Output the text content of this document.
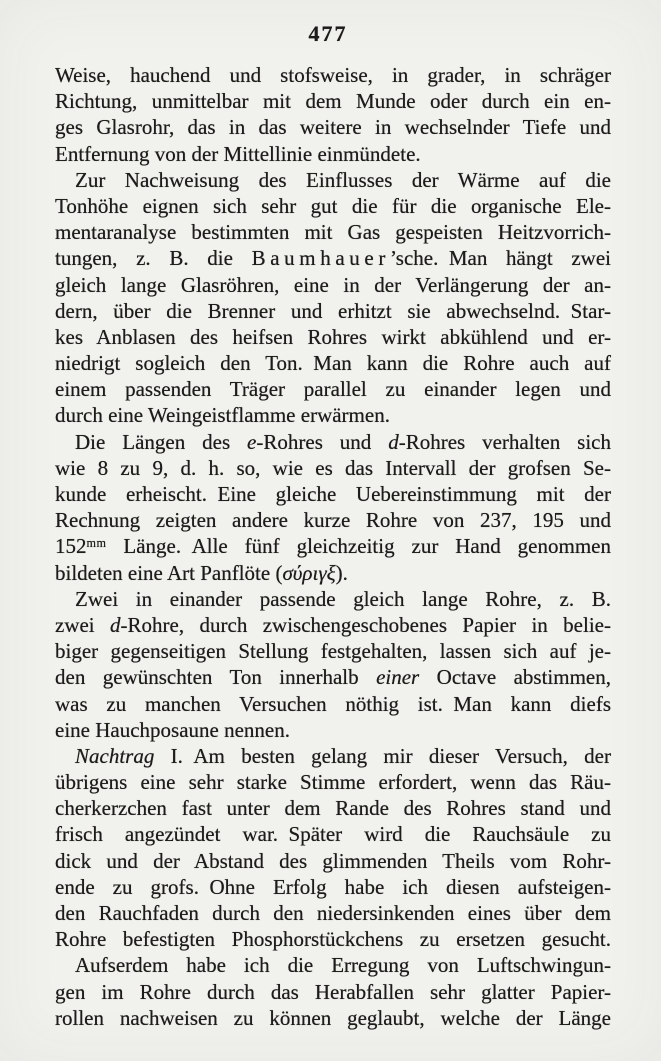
477
Weise, hauchend und stofsweise, in grader, in schräger
Richtung, unmittelbar mit dem Munde oder durch ein en-
ges Glasrohr, das in das weitere in wechselnder Tiefe und
Entfernung von der Mittellinie einmündete.
Zur Nachweisung des Einflusses der Wärme auf die
Tonhöhe eignen sich sehr gut die für die organische Ele-
mentaranalyse bestimmten mit Gas gespeisten Heitzvorrich-
tungen, z. B. die Baumhauer’sche. Man hängt zwei
gleich lange Glasröhren, eine in der Verlängerung der an-
dern, über die Brenner und erhitzt sie abwechselnd. Star-
kes Anblasen des heifsen Rohres wirkt abkühlend und er-
niedrigt sogleich den Ton. Man kann die Rohre auch auf
einem passenden Träger parallel zu einander legen und
durch eine Weingeistflamme erwärmen.
Die Längen des e-Rohres und d-Rohres verhalten sich
wie 8 zu 9, d. h. so, wie es das Intervall der grofsen Se-
kunde erheischt. Eine gleiche Uebereinstimmung mit der
Rechnung zeigten andere kurze Rohre von 237, 195 und
$152^{mm}$ Länge. Alle fünf gleichzeitig zur Hand genommen
bildeten eine Art Panflöte (σύριγξ).
Zwei in einander passende gleich lange Rohre, z. B.
zwei d-Rohre, durch zwischengeschobenes Papier in belie-
biger gegenseitigen Stellung festgehalten, lassen sich auf je-
den gewünschten Ton innerhalb einer Octave abstimmen,
was zu manchen Versuchen nöthig ist. Man kann diefs
eine Hauchposaune nennen.
Nachtrag I. Am besten gelang mir dieser Versuch, der
übrigens eine sehr starke Stimme erfordert, wenn das Räu-
cherkerzchen fast unter dem Rande des Rohres stand und
frisch angezündet war. Später wird die Rauchsäule zu
dick und der Abstand des glimmenden Theils vom Rohr-
ende zu grofs. Ohne Erfolg habe ich diesen aufsteigen-
den Rauchfaden durch den niedersinkenden eines über dem
Rohre befestigten Phosphorstückchens zu ersetzen gesucht.
Aufserdem habe ich die Erregung von Luftschwingun-
gen im Rohre durch das Herabfallen sehr glatter Papier-
rollen nachweisen zu können geglaubt, welche der Länge
